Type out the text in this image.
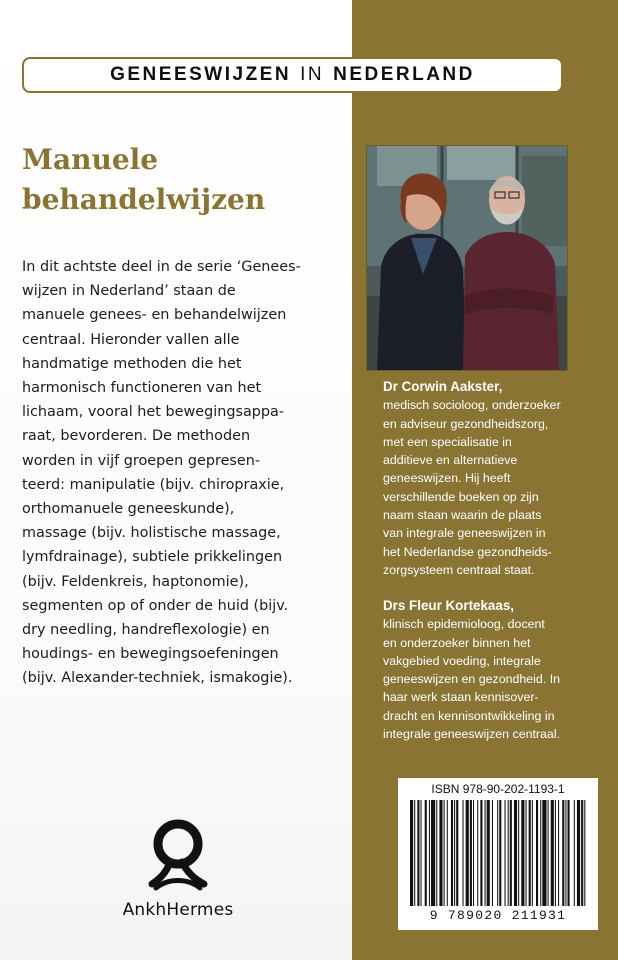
GENEESWIJZEN IN NEDERLAND
Manuele
behandelwijzen
In dit achtste deel in de serie ‘Genees-
wijzen in Nederland’ staan de
manuele genees- en behandelwijzen
centraal. Hieronder vallen alle
handmatige methoden die het
harmonisch functioneren van het
lichaam, vooral het bewegingsappa-
raat, bevorderen. De methoden
worden in vijf groepen gepresen-
teerd: manipulatie (bijv. chiropraxie,
orthomanuele geneeskunde),
massage (bijv. holistische massage,
lymfdrainage), subtiele prikkelingen
(bijv. Feldenkreis, haptonomie),
segmenten op of onder de huid (bijv.
dry needling, handreflexologie) en
houdings- en bewegingsoefeningen
(bijv. Alexander-techniek, ismakogie).
AnkhHermes
Dr Corwin Aakster,
medisch socioloog, onderzoeker
en adviseur gezondheidszorg,
met een specialisatie in
additieve en alternatieve
geneeswijzen. Hij heeft
verschillende boeken op zijn
naam staan waarin de plaats
van integrale geneeswijzen in
het Nederlandse gezondheids-
zorgsysteem centraal staat.
Drs Fleur Kortekaas,
klinisch epidemioloog, docent
en onderzoeker binnen het
vakgebied voeding, integrale
geneeswijzen en gezondheid. In
haar werk staan kennisover-
dracht en kennisontwikkeling in
integrale geneeswijzen centraal.
ISBN 978-90-202-1193-1
9 789020 211931
